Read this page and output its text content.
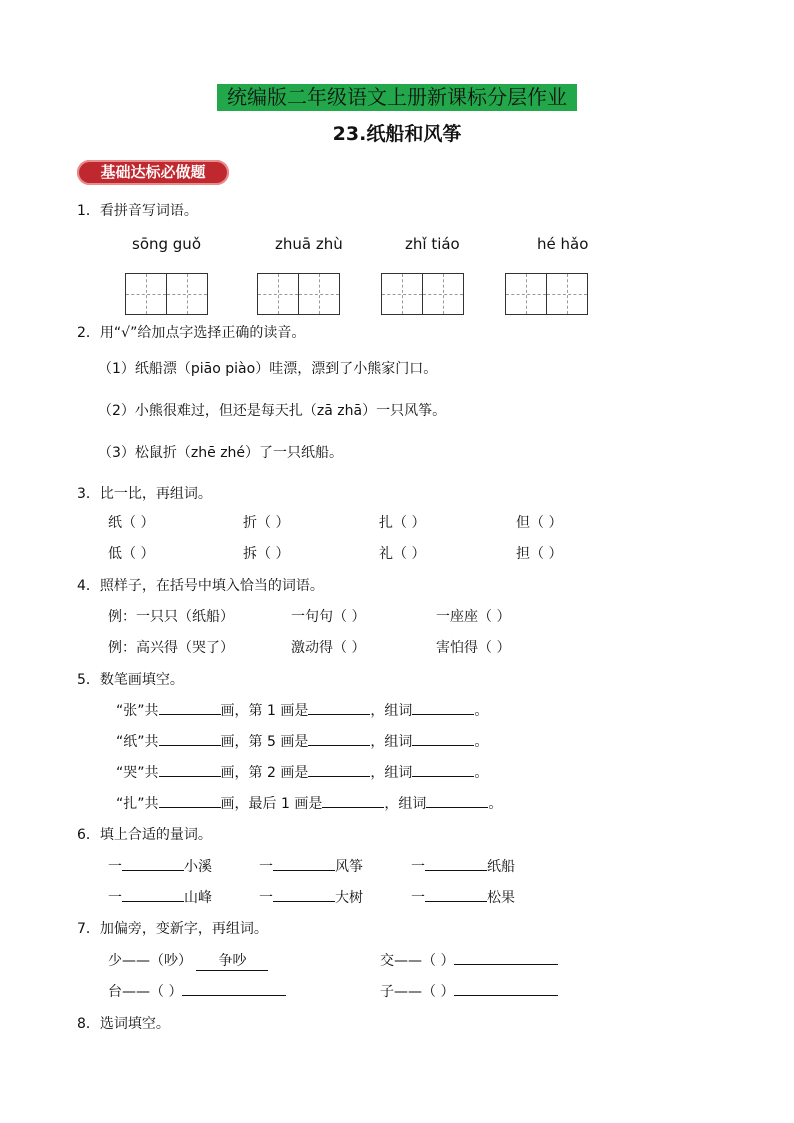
统编版二年级语文上册新课标分层作业
23.纸船和风筝
基础达标必做题
1．看拼音写词语。
sōng guǒ	zhuā zhù	zhǐ tiáo	hé hǎo
2．用“√”给加点字选择正确的读音。
（1）纸船漂（piāo piào）哇漂，漂到了小熊家门口。
（2）小熊很难过，但还是每天扎（zā zhā）一只风筝。
（3）松鼠折（zhē zhé）了一只纸船。
3．比一比，再组词。
纸（ ）	折（ ）	扎（ ）	但（ ）
低（ ）	拆（ ）	礼（ ）	担（ ）
4．照样子，在括号中填入恰当的词语。
例：一只只（纸船）	一句句（ ）	一座座（ ）
例：高兴得（哭了）	激动得（ ）	害怕得（ ）
5．数笔画填空。
“张”共	画，第 1 画是	，组词	。
“纸”共	画，第 5 画是	，组词	。
“哭”共	画，第 2 画是	，组词	。
“扎”共	画，最后 1 画是	，组词	。
6．填上合适的量词。
一	小溪	一	风筝	一	纸船
一	山峰	一	大树	一	松果
7．加偏旁，变新字，再组词。
少——（吵） 争吵	交——（ ）
台——（ ）	子——（ ）
8．选词填空。
